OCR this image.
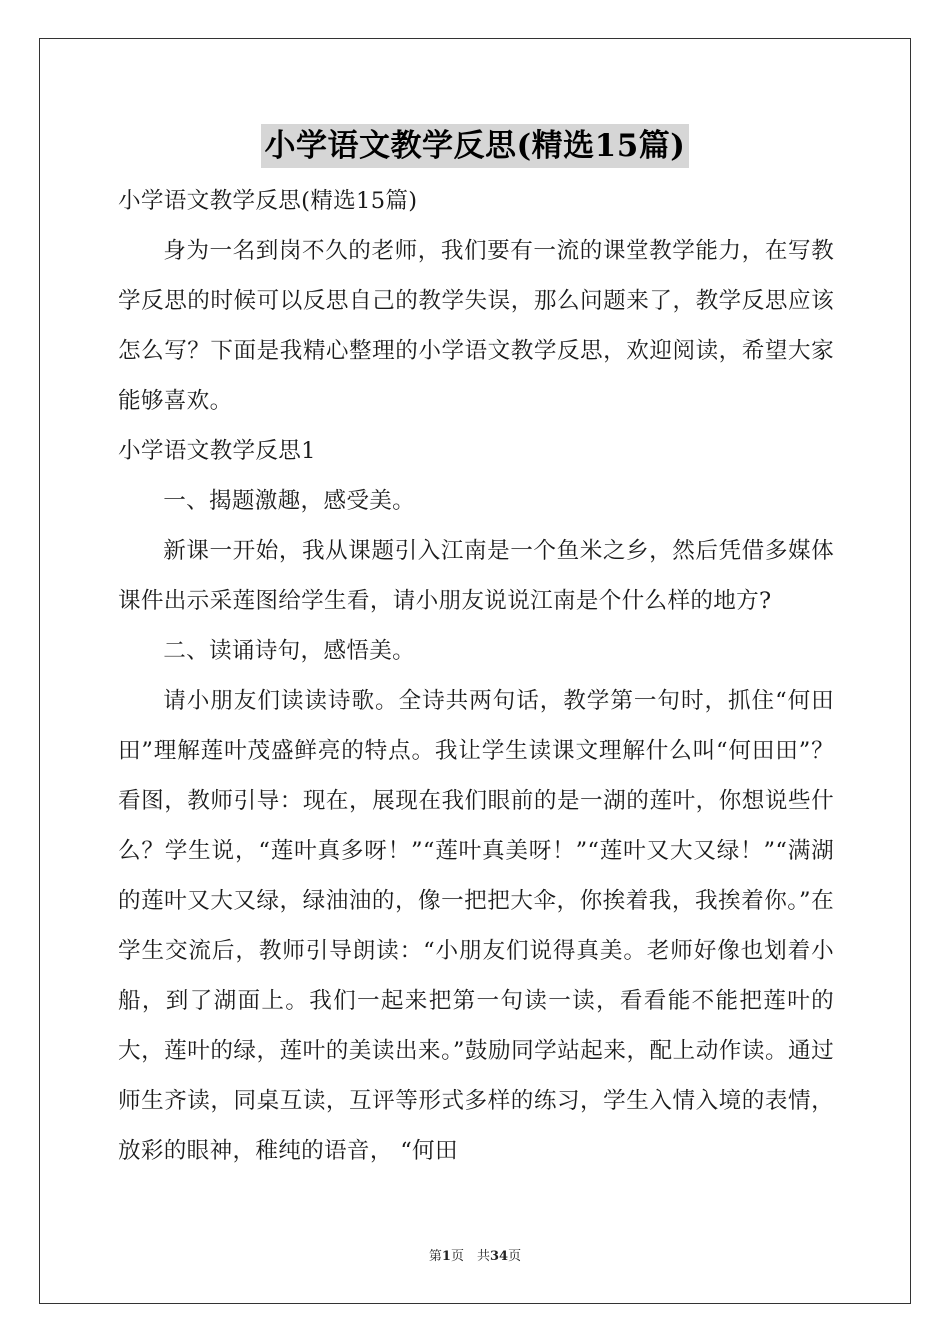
小学语文教学反思(精选15篇)

小学语文教学反思(精选15篇)

身为一名到岗不久的老师，我们要有一流的课堂教学能力，在写教学反思的时候可以反思自己的教学失误，那么问题来了，教学反思应该怎么写？下面是我精心整理的小学语文教学反思，欢迎阅读，希望大家能够喜欢。

小学语文教学反思1

一、揭题激趣，感受美。

新课一开始，我从课题引入江南是一个鱼米之乡，然后凭借多媒体课件出示采莲图给学生看，请小朋友说说江南是个什么样的地方?

二、读诵诗句，感悟美。

请小朋友们读读诗歌。全诗共两句话，教学第一句时，抓住“何田田”理解莲叶茂盛鲜亮的特点。我让学生读课文理解什么叫“何田田”？看图，教师引导：现在，展现在我们眼前的是一湖的莲叶，你想说些什么？学生说，“莲叶真多呀！”“莲叶真美呀！”“莲叶又大又绿！”“满湖的莲叶又大又绿，绿油油的，像一把把大伞，你挨着我，我挨着你。”在学生交流后，教师引导朗读：“小朋友们说得真美。老师好像也划着小船，到了湖面上。我们一起来把第一句读一读，看看能不能把莲叶的大，莲叶的绿，莲叶的美读出来。”鼓励同学站起来，配上动作读。通过师生齐读，同桌互读，互评等形式多样的练习，学生入情入境的表情，放彩的眼神，稚纯的语音， “何田

第1页　共34页
